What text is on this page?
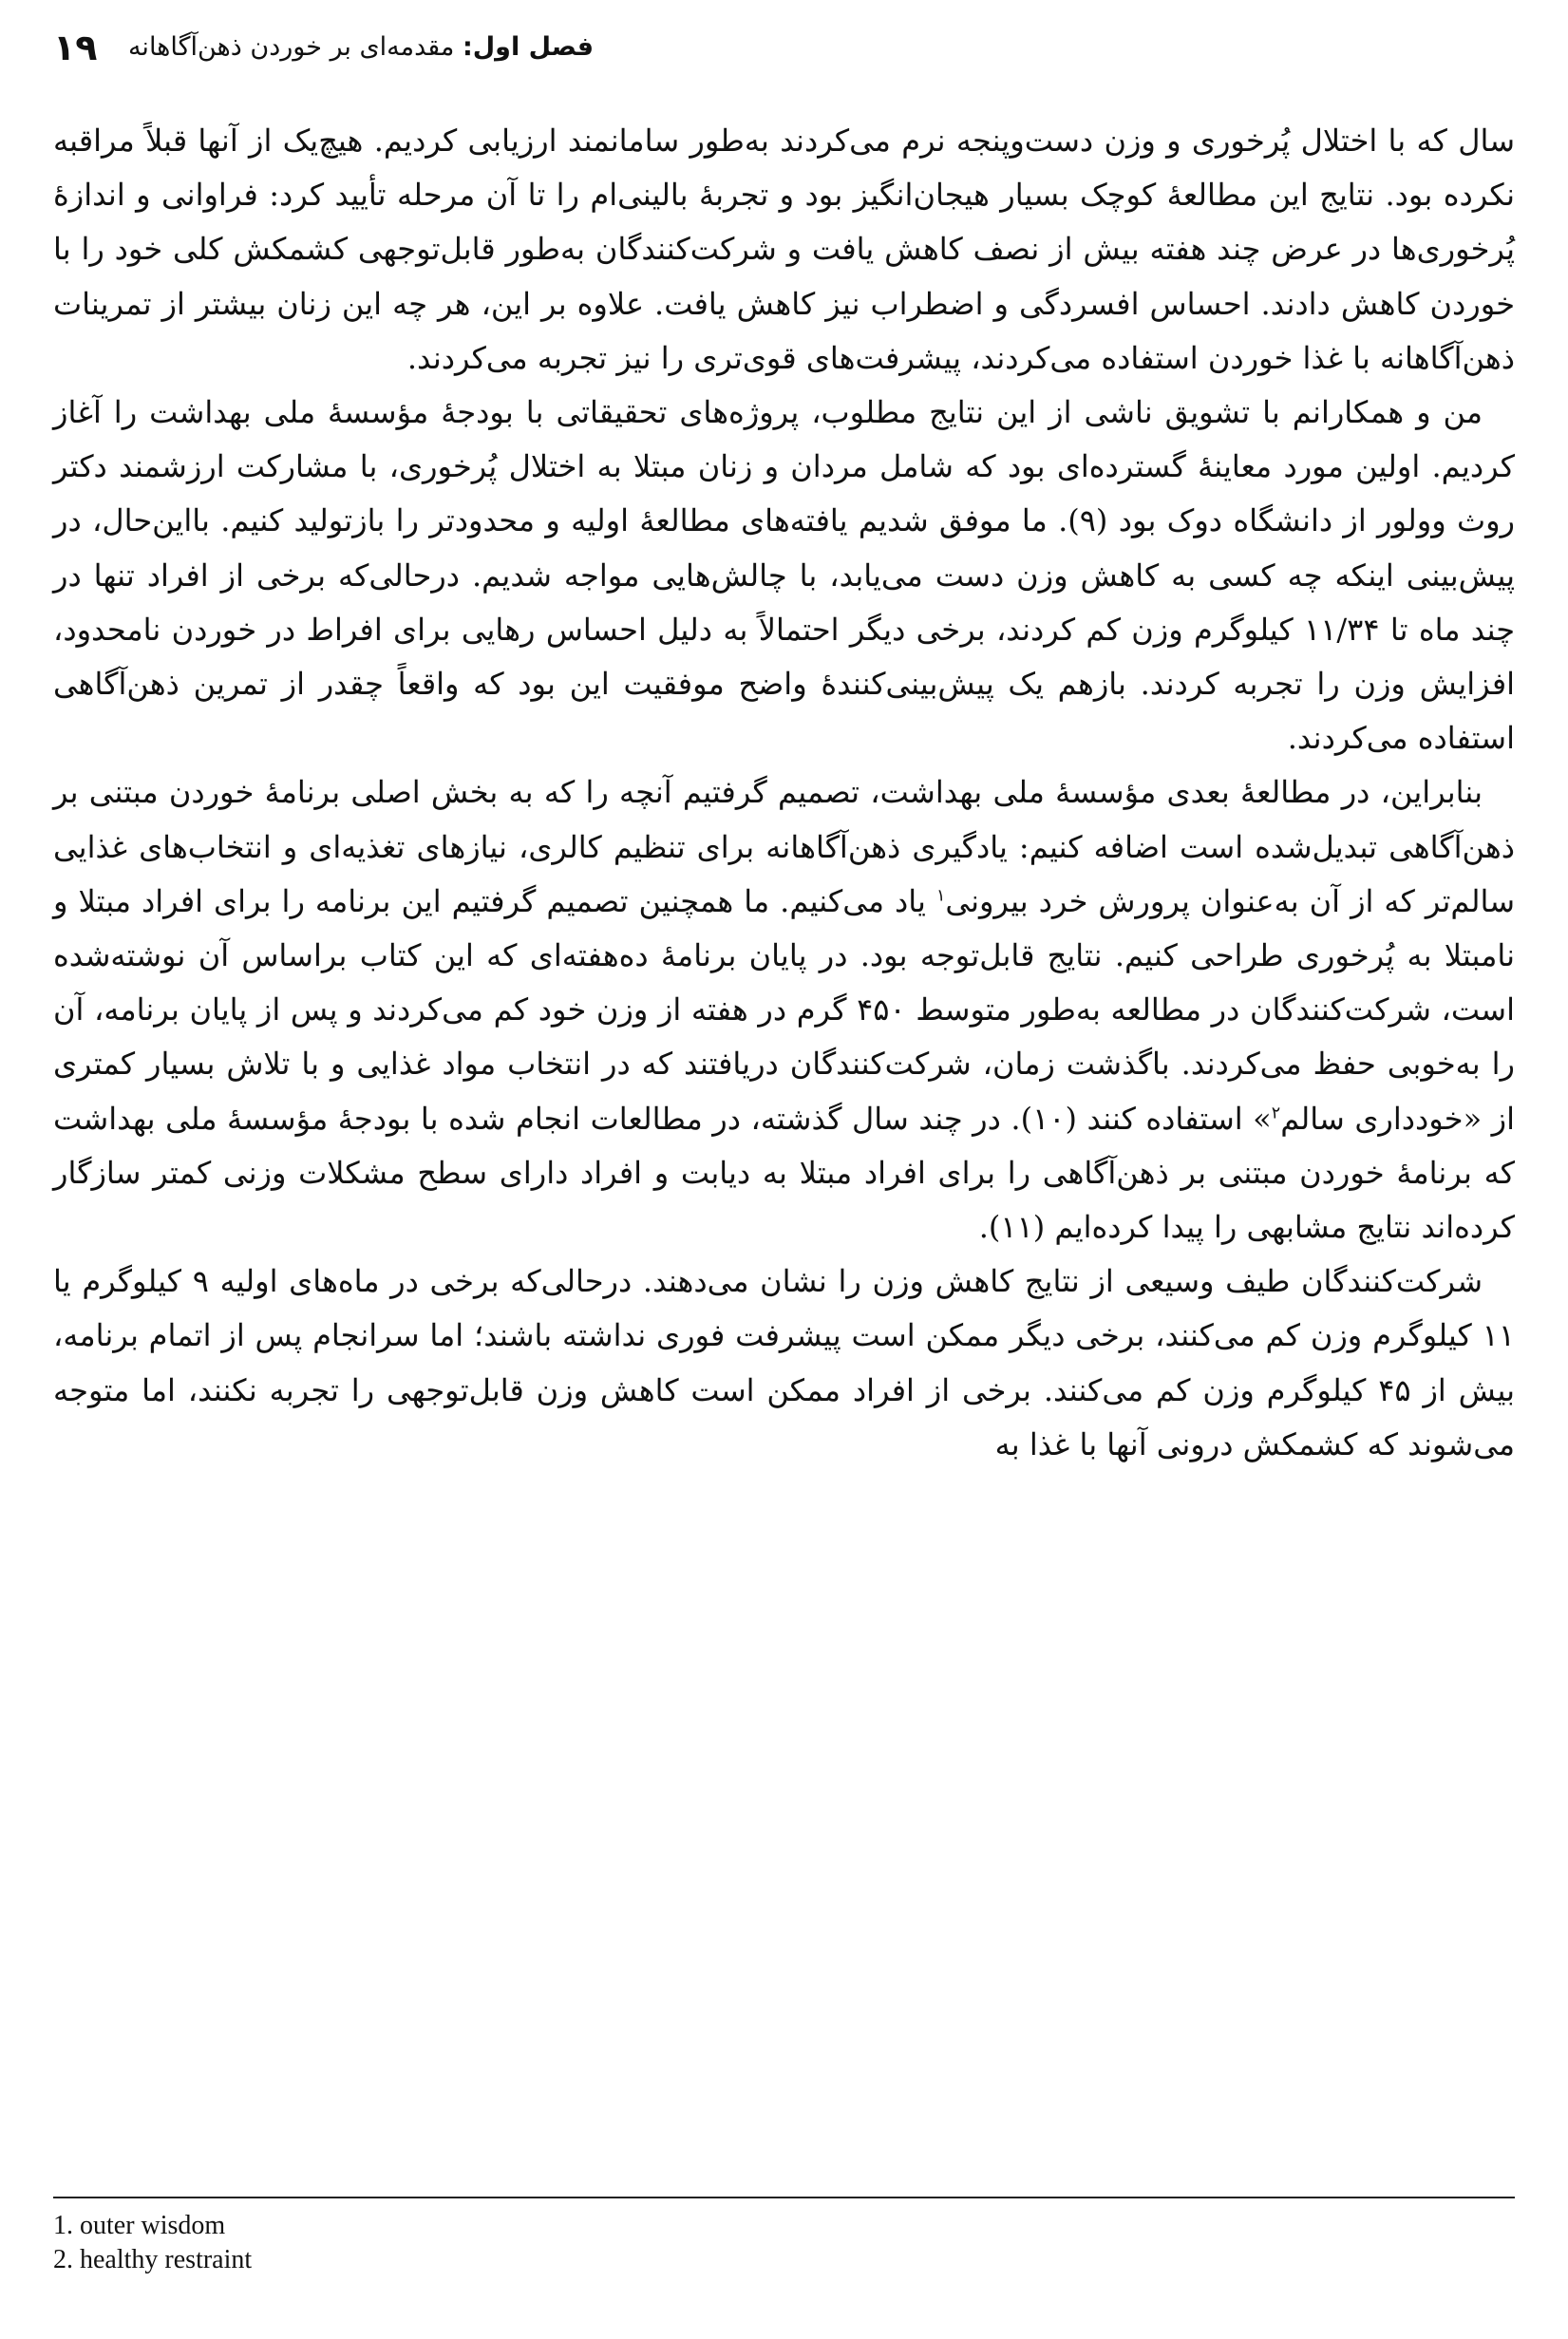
۱۹	فصل اول: مقدمه‌ای بر خوردن ذهن‌آگاهانه

سال که با اختلال پُرخوری و وزن دست‌وپنجه نرم می‌کردند به‌طور سامانمند ارزیابی کردیم. هیچ‌یک از آنها قبلاً مراقبه نکرده بود. نتایج این مطالعهٔ کوچک بسیار هیجان‌انگیز بود و تجربهٔ بالینی‌ام را تا آن مرحله تأیید کرد: فراوانی و اندازهٔ پُرخوری‌ها در عرض چند هفته بیش از نصف کاهش یافت و شرکت‌کنندگان به‌طور قابل‌توجهی کشمکش کلی خود را با خوردن کاهش دادند. احساس افسردگی و اضطراب نیز کاهش یافت. علاوه بر این، هر چه این زنان بیشتر از تمرینات ذهن‌آگاهانه با غذا خوردن استفاده می‌کردند، پیشرفت‌های قوی‌تری را نیز تجربه می‌کردند.

من و همکارانم با تشویق ناشی از این نتایج مطلوب، پروژه‌های تحقیقاتی با بودجهٔ مؤسسهٔ ملی بهداشت را آغاز کردیم. اولین مورد معاینهٔ گسترده‌ای بود که شامل مردان و زنان مبتلا به اختلال پُرخوری، با مشارکت ارزشمند دکتر روث وولور از دانشگاه دوک بود (۹). ما موفق شدیم یافته‌های مطالعهٔ اولیه و محدودتر را بازتولید کنیم. بااین‌حال، در پیش‌بینی اینکه چه کسی به کاهش وزن دست می‌یابد، با چالش‌هایی مواجه شدیم. درحالی‌که برخی از افراد تنها در چند ماه تا ۱۱/۳۴ کیلوگرم وزن کم کردند، برخی دیگر احتمالاً به دلیل احساس رهایی برای افراط در خوردن نامحدود، افزایش وزن را تجربه کردند. بازهم یک پیش‌بینی‌کنندهٔ واضح موفقیت این بود که واقعاً چقدر از تمرین ذهن‌آگاهی استفاده می‌کردند.

بنابراین، در مطالعهٔ بعدی مؤسسهٔ ملی بهداشت، تصمیم گرفتیم آنچه را که به بخش اصلی برنامهٔ خوردن مبتنی بر ذهن‌آگاهی تبدیل‌شده است اضافه کنیم: یادگیری ذهن‌آگاهانه برای تنظیم کالری، نیازهای تغذیه‌ای و انتخاب‌های غذایی سالم‌تر که از آن به‌عنوان پرورش خرد بیرونی$^۱$ یاد می‌کنیم. ما همچنین تصمیم گرفتیم این برنامه را برای افراد مبتلا و نامبتلا به پُرخوری طراحی کنیم. نتایج قابل‌توجه بود. در پایان برنامهٔ ده‌هفته‌ای که این کتاب براساس آن نوشته‌شده است، شرکت‌کنندگان در مطالعه به‌طور متوسط ۴۵۰ گرم در هفته از وزن خود کم می‌کردند و پس از پایان برنامه، آن را به‌خوبی حفظ می‌کردند. باگذشت زمان، شرکت‌کنندگان دریافتند که در انتخاب مواد غذایی و با تلاش بسیار کمتری از «خودداری سالم$^۲$» استفاده کنند (۱۰). در چند سال گذشته، در مطالعات انجام شده با بودجهٔ مؤسسهٔ ملی بهداشت که برنامهٔ خوردن مبتنی بر ذهن‌آگاهی را برای افراد مبتلا به دیابت و افراد دارای سطح مشکلات وزنی کمتر سازگار کرده‌اند نتایج مشابهی را پیدا کرده‌ایم (۱۱).

شرکت‌کنندگان طیف وسیعی از نتایج کاهش وزن را نشان می‌دهند. درحالی‌که برخی در ماه‌های اولیه ۹ کیلوگرم یا ۱۱ کیلوگرم وزن کم می‌کنند، برخی دیگر ممکن است پیشرفت فوری نداشته باشند؛ اما سرانجام پس از اتمام برنامه، بیش از ۴۵ کیلوگرم وزن کم می‌کنند. برخی از افراد ممکن است کاهش وزن قابل‌توجهی را تجربه نکنند، اما متوجه می‌شوند که کشمکش درونی آنها با غذا به

1. outer wisdom
2. healthy restraint
